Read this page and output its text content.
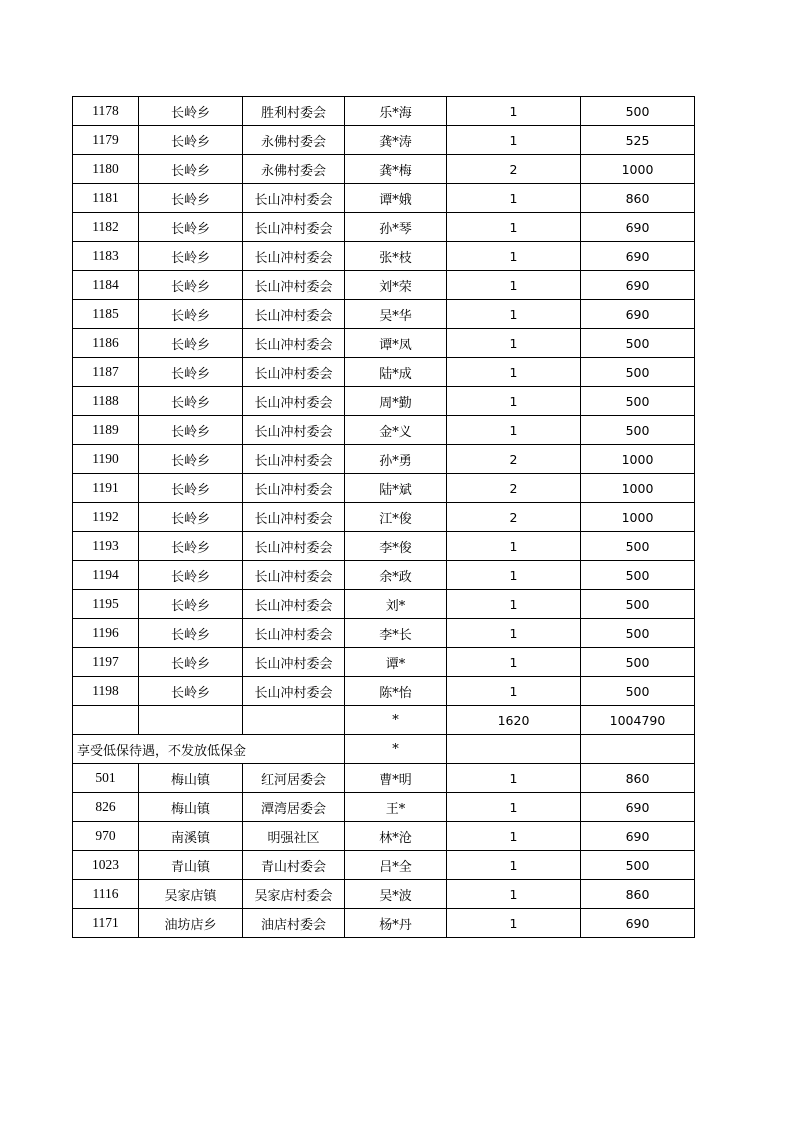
1178	长岭乡	胜利村委会	乐*海	1	500
1179	长岭乡	永佛村委会	龚*涛	1	525
1180	长岭乡	永佛村委会	龚*梅	2	1000
1181	长岭乡	长山冲村委会	谭*娥	1	860
1182	长岭乡	长山冲村委会	孙*琴	1	690
1183	长岭乡	长山冲村委会	张*枝	1	690
1184	长岭乡	长山冲村委会	刘*荣	1	690
1185	长岭乡	长山冲村委会	吴*华	1	690
1186	长岭乡	长山冲村委会	谭*凤	1	500
1187	长岭乡	长山冲村委会	陆*成	1	500
1188	长岭乡	长山冲村委会	周*勤	1	500
1189	长岭乡	长山冲村委会	金*义	1	500
1190	长岭乡	长山冲村委会	孙*勇	2	1000
1191	长岭乡	长山冲村委会	陆*斌	2	1000
1192	长岭乡	长山冲村委会	江*俊	2	1000
1193	长岭乡	长山冲村委会	李*俊	1	500
1194	长岭乡	长山冲村委会	余*政	1	500
1195	长岭乡	长山冲村委会	刘*	1	500
1196	长岭乡	长山冲村委会	李*长	1	500
1197	长岭乡	长山冲村委会	谭*	1	500
1198	长岭乡	长山冲村委会	陈*怡	1	500
			*	1620	1004790
享受低保待遇，不发放低保金			*		
501	梅山镇	红河居委会	曹*明	1	860
826	梅山镇	潭湾居委会	王*	1	690
970	南溪镇	明强社区	林*沧	1	690
1023	青山镇	青山村委会	吕*全	1	500
1116	吴家店镇	吴家店村委会	吴*波	1	860
1171	油坊店乡	油店村委会	杨*丹	1	690
